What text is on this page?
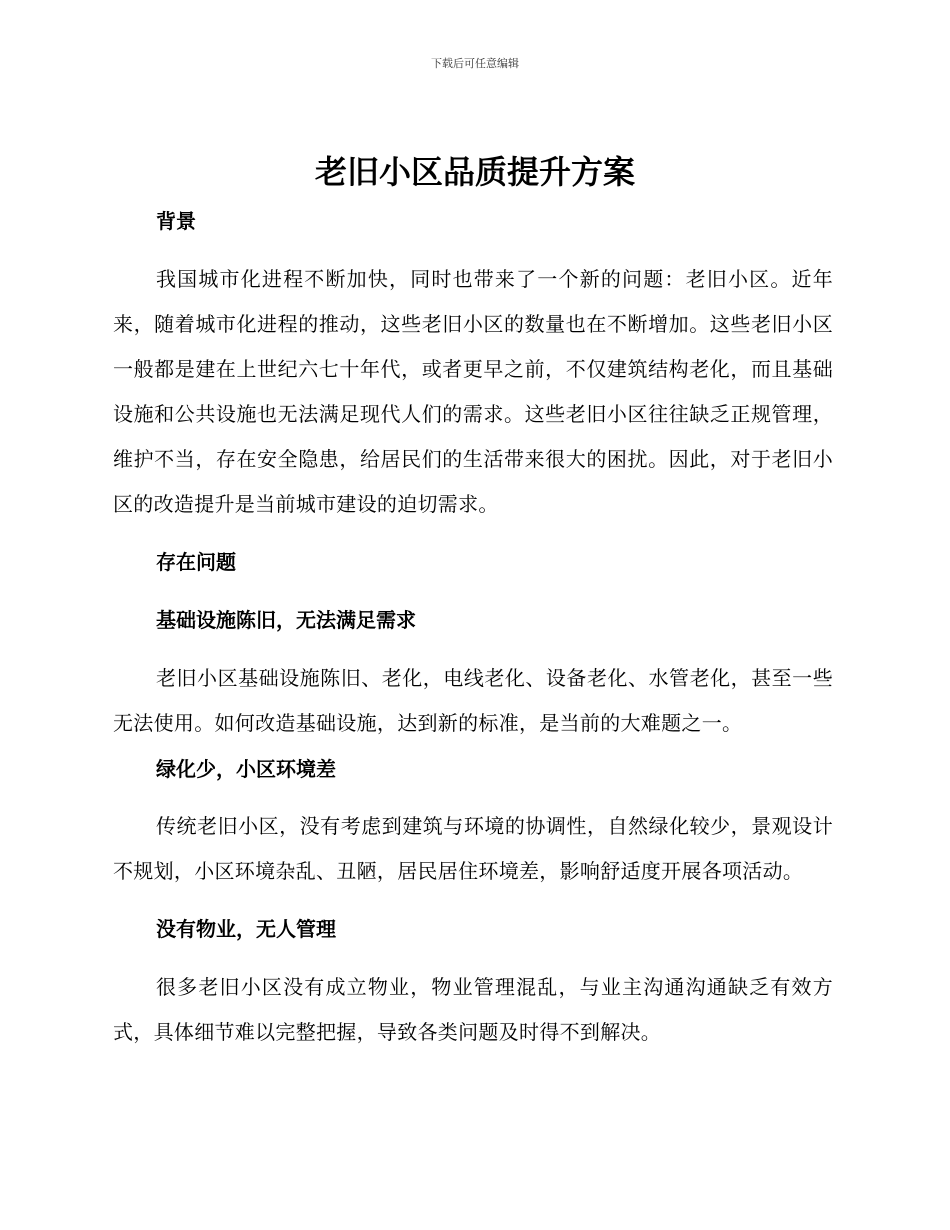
下载后可任意编辑
老旧小区品质提升方案

背景

我国城市化进程不断加快，同时也带来了一个新的问题：老旧小区。近年来，随着城市化进程的推动，这些老旧小区的数量也在不断增加。这些老旧小区一般都是建在上世纪六七十年代，或者更早之前，不仅建筑结构老化，而且基础设施和公共设施也无法满足现代人们的需求。这些老旧小区往往缺乏正规管理，维护不当，存在安全隐患，给居民们的生活带来很大的困扰。因此，对于老旧小区的改造提升是当前城市建设的迫切需求。

存在问题

基础设施陈旧，无法满足需求

老旧小区基础设施陈旧、老化，电线老化、设备老化、水管老化，甚至一些无法使用。如何改造基础设施，达到新的标准，是当前的大难题之一。

绿化少，小区环境差

传统老旧小区，没有考虑到建筑与环境的协调性，自然绿化较少，景观设计不规划，小区环境杂乱、丑陋，居民居住环境差，影响舒适度开展各项活动。

没有物业，无人管理

很多老旧小区没有成立物业，物业管理混乱，与业主沟通沟通缺乏有效方式，具体细节难以完整把握，导致各类问题及时得不到解决。
